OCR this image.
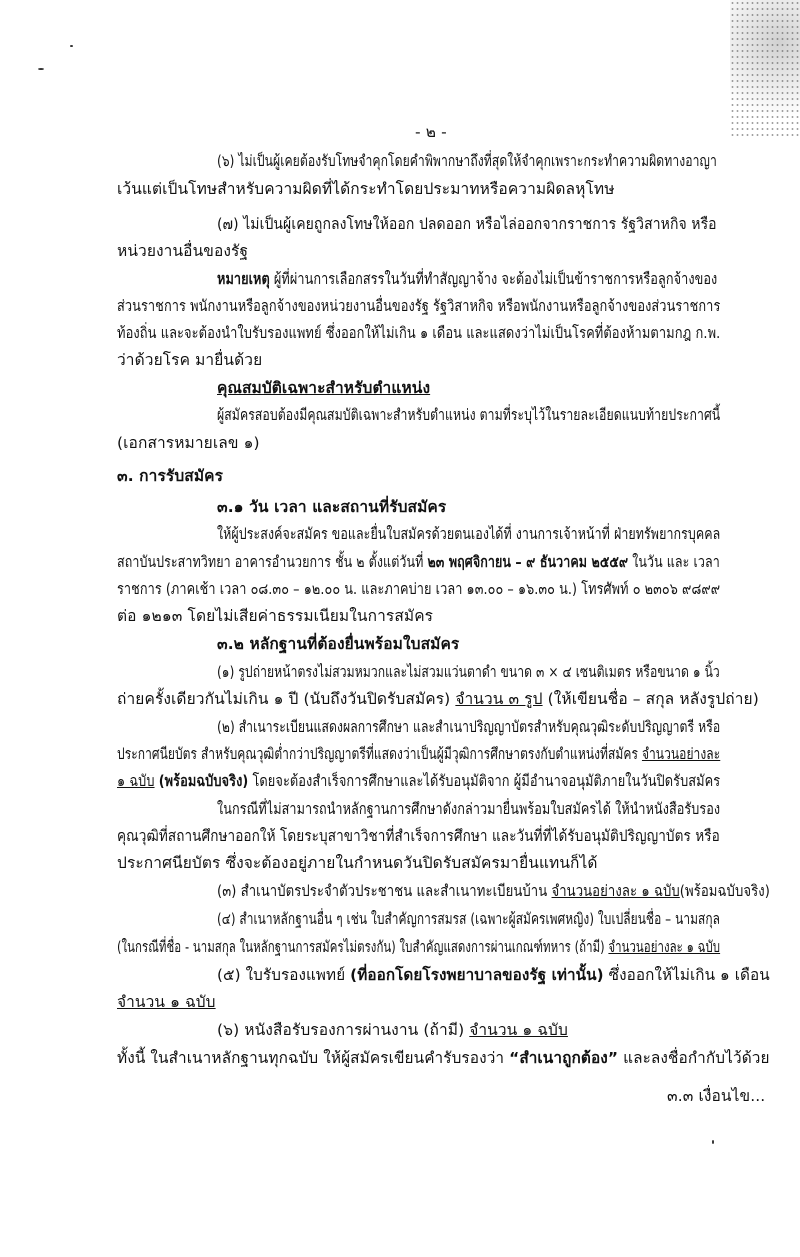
- ๒ -
(๖) ไม่เป็นผู้เคยต้องรับโทษจำคุกโดยคำพิพากษาถึงที่สุดให้จำคุกเพราะกระทำความผิดทางอาญา
เว้นแต่เป็นโทษสำหรับความผิดที่ได้กระทำโดยประมาทหรือความผิดลหุโทษ
(๗) ไม่เป็นผู้เคยถูกลงโทษให้ออก ปลดออก หรือไล่ออกจากราชการ รัฐวิสาหกิจ หรือ
หน่วยงานอื่นของรัฐ
หมายเหตุ ผู้ที่ผ่านการเลือกสรรในวันที่ทำสัญญาจ้าง จะต้องไม่เป็นข้าราชการหรือลูกจ้างของ
ส่วนราชการ พนักงานหรือลูกจ้างของหน่วยงานอื่นของรัฐ รัฐวิสาหกิจ หรือพนักงานหรือลูกจ้างของส่วนราชการ
ท้องถิ่น และจะต้องนำใบรับรองแพทย์ ซึ่งออกให้ไม่เกิน ๑ เดือน และแสดงว่าไม่เป็นโรคที่ต้องห้ามตามกฎ ก.พ.
ว่าด้วยโรค มายื่นด้วย
คุณสมบัติเฉพาะสำหรับตำแหน่ง
ผู้สมัครสอบต้องมีคุณสมบัติเฉพาะสำหรับตำแหน่ง ตามที่ระบุไว้ในรายละเอียดแนบท้ายประกาศนี้
(เอกสารหมายเลข ๑)
๓. การรับสมัคร
๓.๑ วัน เวลา และสถานที่รับสมัคร
ให้ผู้ประสงค์จะสมัคร ขอและยื่นใบสมัครด้วยตนเองได้ที่ งานการเจ้าหน้าที่ ฝ่ายทรัพยากรบุคคล
สถาบันประสาทวิทยา อาคารอำนวยการ ชั้น ๒ ตั้งแต่วันที่ ๒๓ พฤศจิกายน – ๙ ธันวาคม ๒๕๕๙ ในวัน และ เวลา
ราชการ (ภาคเช้า เวลา ๐๘.๓๐ – ๑๒.๐๐ น. และภาคบ่าย เวลา ๑๓.๐๐ – ๑๖.๓๐ น.) โทรศัพท์ ๐ ๒๓๐๖ ๙๘๙๙
ต่อ ๑๒๑๓ โดยไม่เสียค่าธรรมเนียมในการสมัคร
๓.๒ หลักฐานที่ต้องยื่นพร้อมใบสมัคร
(๑) รูปถ่ายหน้าตรงไม่สวมหมวกและไม่สวมแว่นตาดำ ขนาด ๓ × ๔ เซนติเมตร หรือขนาด ๑ นิ้ว
ถ่ายครั้งเดียวกันไม่เกิน ๑ ปี (นับถึงวันปิดรับสมัคร) จำนวน ๓ รูป (ให้เขียนชื่อ – สกุล หลังรูปถ่าย)
(๒) สำเนาระเบียนแสดงผลการศึกษา และสำเนาปริญญาบัตรสำหรับคุณวุฒิระดับปริญญาตรี หรือ
ประกาศนียบัตร สำหรับคุณวุฒิต่ำกว่าปริญญาตรีที่แสดงว่าเป็นผู้มีวุฒิการศึกษาตรงกับตำแหน่งที่สมัคร จำนวนอย่างละ
๑ ฉบับ (พร้อมฉบับจริง) โดยจะต้องสำเร็จการศึกษาและได้รับอนุมัติจาก ผู้มีอำนาจอนุมัติภายในวันปิดรับสมัคร
ในกรณีที่ไม่สามารถนำหลักฐานการศึกษาดังกล่าวมายื่นพร้อมใบสมัครได้ ให้นำหนังสือรับรอง
คุณวุฒิที่สถานศึกษาออกให้ โดยระบุสาขาวิชาที่สำเร็จการศึกษา และวันที่ที่ได้รับอนุมัติปริญญาบัตร หรือ
ประกาศนียบัตร ซึ่งจะต้องอยู่ภายในกำหนดวันปิดรับสมัครมายื่นแทนก็ได้
(๓) สำเนาบัตรประจำตัวประชาชน และสำเนาทะเบียนบ้าน จำนวนอย่างละ ๑ ฉบับ(พร้อมฉบับจริง)
(๔) สำเนาหลักฐานอื่น ๆ เช่น ใบสำคัญการสมรส (เฉพาะผู้สมัครเพศหญิง) ใบเปลี่ยนชื่อ – นามสกุล
(ในกรณีที่ชื่อ - นามสกุล ในหลักฐานการสมัครไม่ตรงกัน) ใบสำคัญแสดงการผ่านเกณฑ์ทหาร (ถ้ามี) จำนวนอย่างละ ๑ ฉบับ
(๕) ใบรับรองแพทย์ (ที่ออกโดยโรงพยาบาลของรัฐ เท่านั้น) ซึ่งออกให้ไม่เกิน ๑ เดือน
จำนวน ๑ ฉบับ
(๖) หนังสือรับรองการผ่านงาน (ถ้ามี) จำนวน ๑ ฉบับ
ทั้งนี้ ในสำเนาหลักฐานทุกฉบับ ให้ผู้สมัครเขียนคำรับรองว่า “สำเนาถูกต้อง” และลงชื่อกำกับไว้ด้วย
๓.๓ เงื่อนไข...
